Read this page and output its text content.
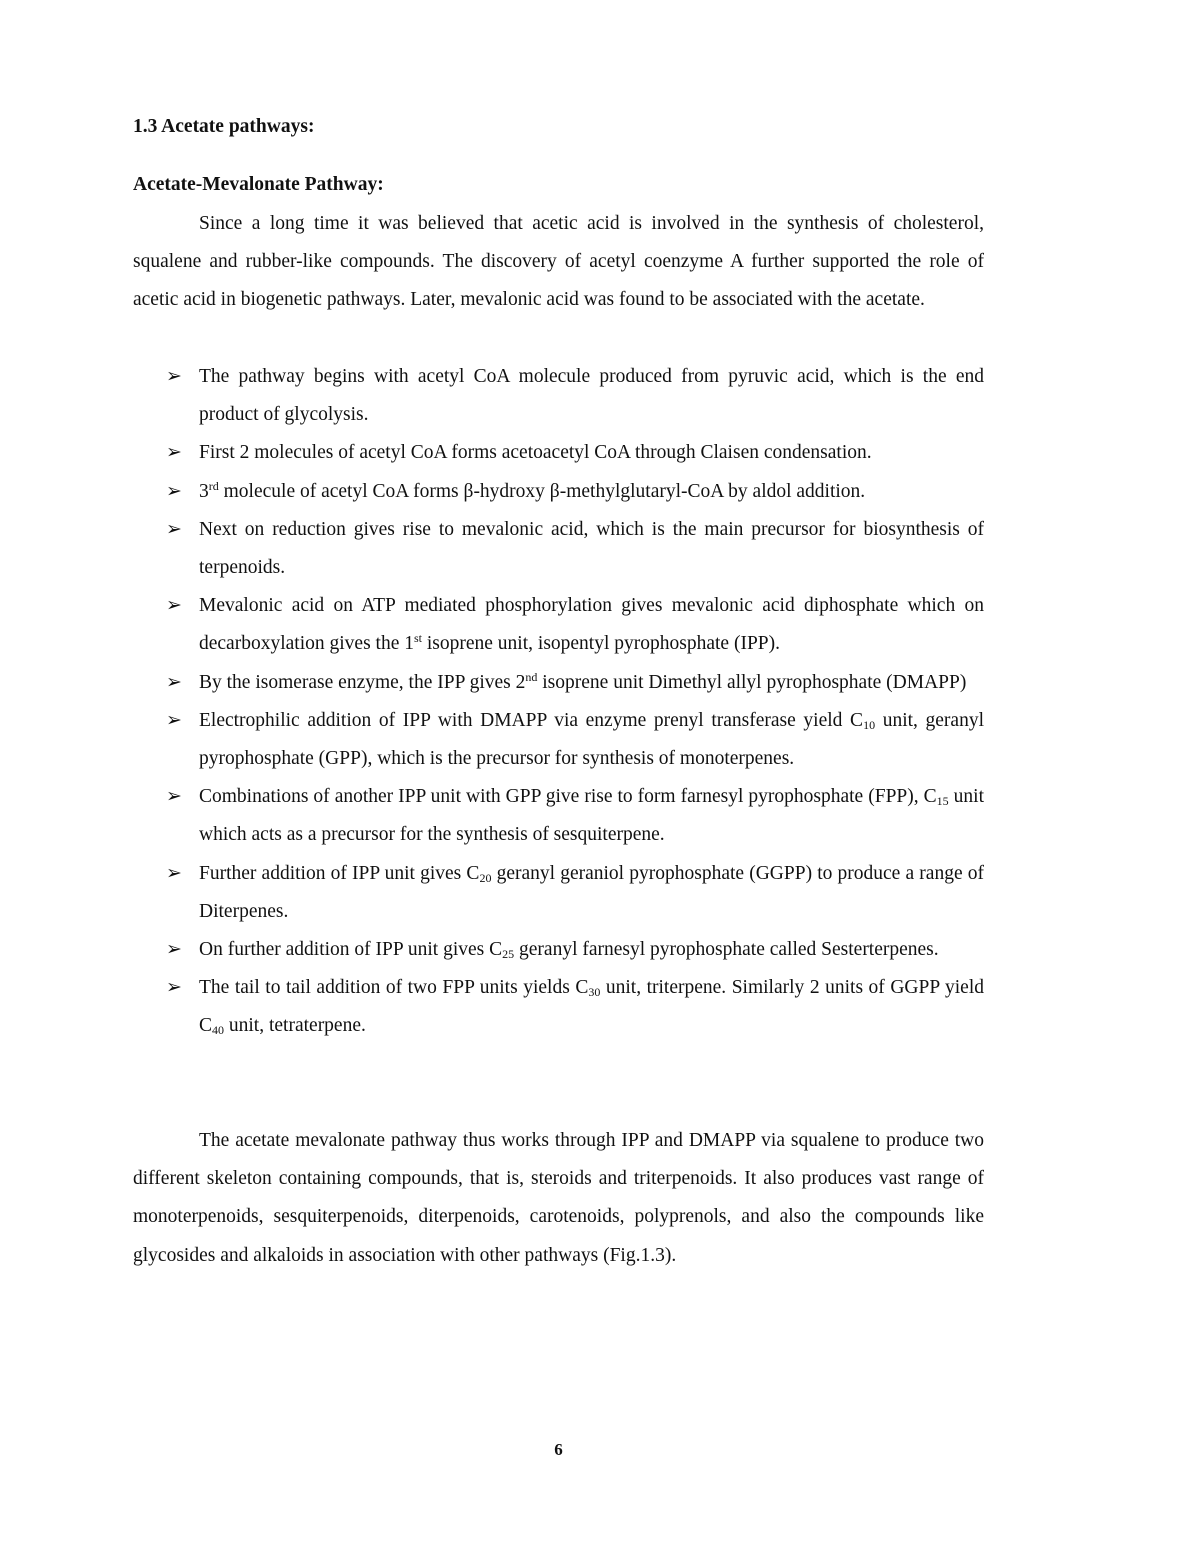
1.3 Acetate pathways:
Acetate-Mevalonate Pathway:

Since a long time it was believed that acetic acid is involved in the synthesis of cholesterol, squalene and rubber-like compounds. The discovery of acetyl coenzyme A further supported the role of acetic acid in biogenetic pathways. Later, mevalonic acid was found to be associated with the acetate.

➢ The pathway begins with acetyl CoA molecule produced from pyruvic acid, which is the end product of glycolysis.
➢ First 2 molecules of acetyl CoA forms acetoacetyl CoA through Claisen condensation.
➢ 3rd molecule of acetyl CoA forms β-hydroxy β-methylglutaryl-CoA by aldol addition.
➢ Next on reduction gives rise to mevalonic acid, which is the main precursor for biosynthesis of terpenoids.
➢ Mevalonic acid on ATP mediated phosphorylation gives mevalonic acid diphosphate which on decarboxylation gives the 1st isoprene unit, isopentyl pyrophosphate (IPP).
➢ By the isomerase enzyme, the IPP gives 2nd isoprene unit Dimethyl allyl pyrophosphate (DMAPP)
➢ Electrophilic addition of IPP with DMAPP via enzyme prenyl transferase yield $C_{10}$ unit, geranyl pyrophosphate (GPP), which is the precursor for synthesis of monoterpenes.
➢ Combinations of another IPP unit with GPP give rise to form farnesyl pyrophosphate (FPP), $C_{15}$ unit which acts as a precursor for the synthesis of sesquiterpene.
➢ Further addition of IPP unit gives $C_{20}$ geranyl geraniol pyrophosphate (GGPP) to produce a range of Diterpenes.
➢ On further addition of IPP unit gives $C_{25}$ geranyl farnesyl pyrophosphate called Sesterterpenes.
➢ The tail to tail addition of two FPP units yields $C_{30}$ unit, triterpene. Similarly 2 units of GGPP yield $C_{40}$ unit, tetraterpene.

The acetate mevalonate pathway thus works through IPP and DMAPP via squalene to produce two different skeleton containing compounds, that is, steroids and triterpenoids. It also produces vast range of monoterpenoids, sesquiterpenoids, diterpenoids, carotenoids, polyprenols, and also the compounds like glycosides and alkaloids in association with other pathways (Fig.1.3).

6
